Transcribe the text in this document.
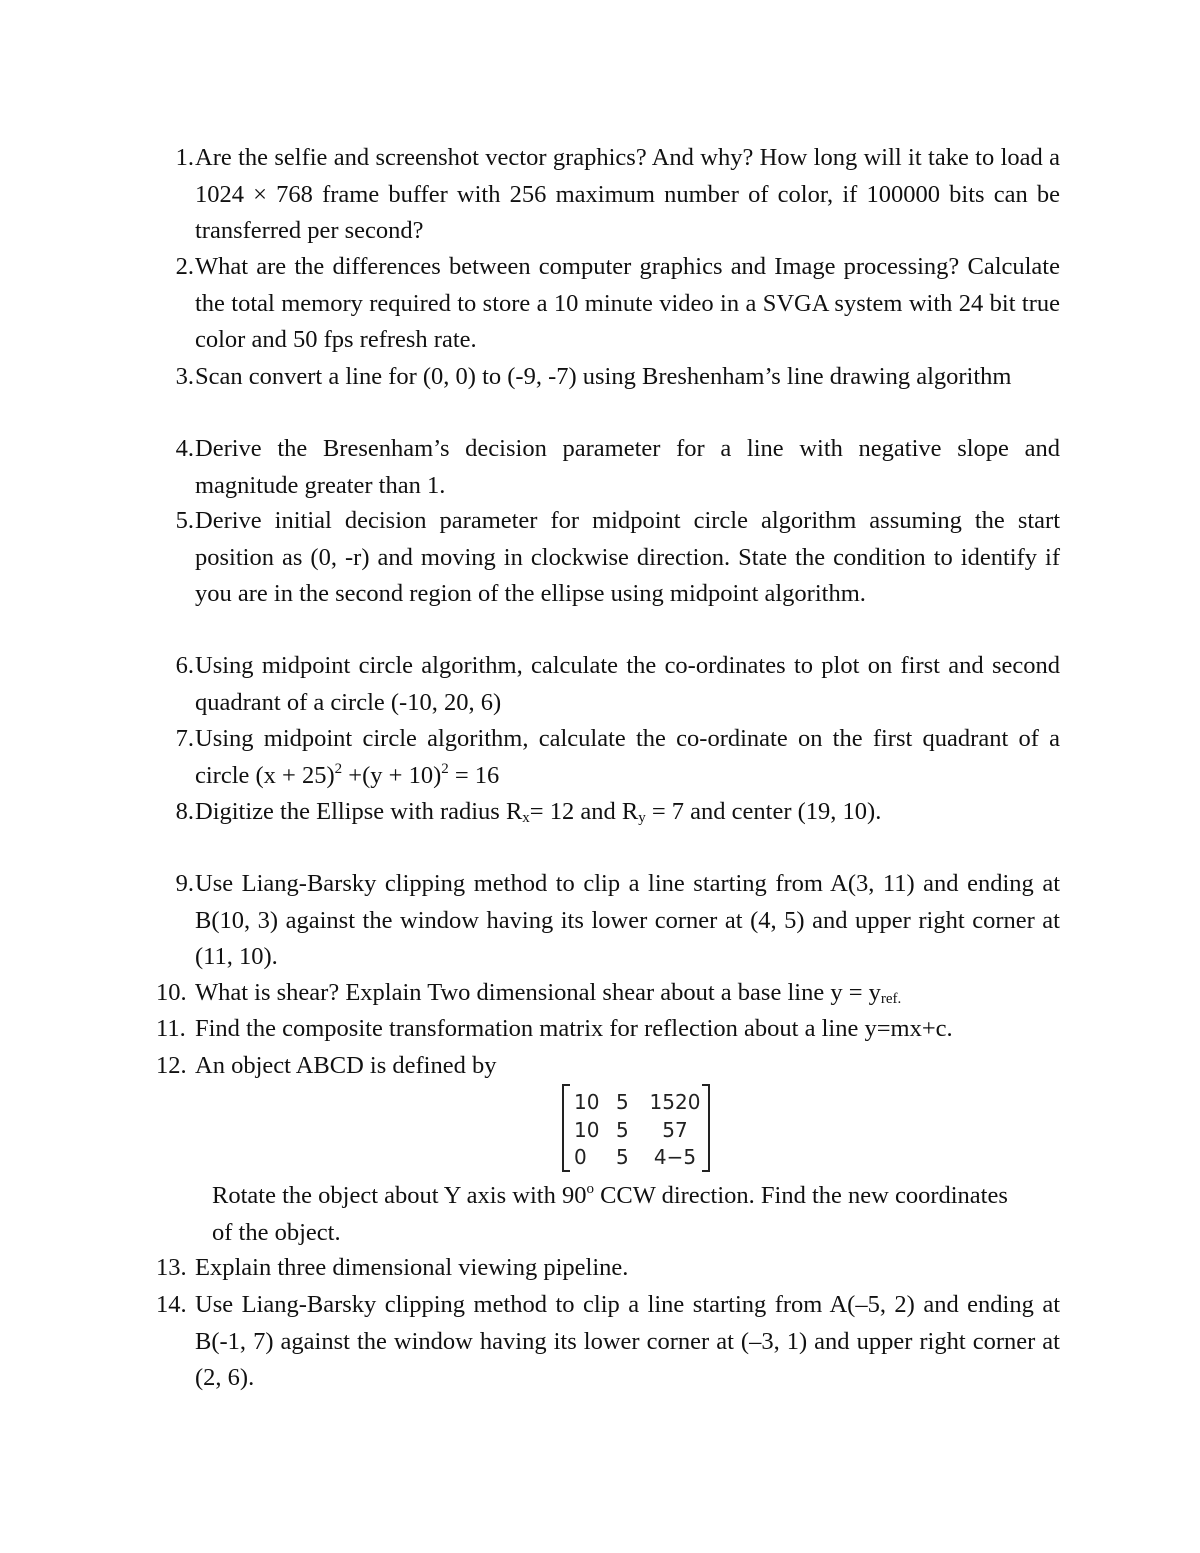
1. Are the selfie and screenshot vector graphics? And why? How long will it take to load a 1024 × 768 frame buffer with 256 maximum number of color, if 100000 bits can be transferred per second?
2. What are the differences between computer graphics and Image processing? Calculate the total memory required to store a 10 minute video in a SVGA system with 24 bit true color and 50 fps refresh rate.
3. Scan convert a line for (0, 0) to (-9, -7) using Breshenham’s line drawing algorithm
4. Derive the Bresenham’s decision parameter for a line with negative slope and magnitude greater than 1.
5. Derive initial decision parameter for midpoint circle algorithm assuming the start position as (0, -r) and moving in clockwise direction. State the condition to identify if you are in the second region of the ellipse using midpoint algorithm.
6. Using midpoint circle algorithm, calculate the co-ordinates to plot on first and second quadrant of a circle (-10, 20, 6)
7. Using midpoint circle algorithm, calculate the co-ordinate on the first quadrant of a circle $(x + 25)^2 +(y + 10)^2 = 16$
8. Digitize the Ellipse with radius $R_x= 12$ and $R_y = 7$ and center (19, 10).
9. Use Liang-Barsky clipping method to clip a line starting from A(3, 11) and ending at B(10, 3) against the window having its lower corner at (4, 5) and upper right corner at (11, 10).
10. What is shear? Explain Two dimensional shear about a base line $y = y_{ref.}$
11. Find the composite transformation matrix for reflection about a line y=mx+c.
12. An object ABCD is defined by
10 5	1520
10 5	57
0	5	4−5
Rotate the object about Y axis with 90$^o$ CCW direction. Find the new coordinates of the object.
13. Explain three dimensional viewing pipeline.
14. Use Liang-Barsky clipping method to clip a line starting from A(–5, 2) and ending at B(-1, 7) against the window having its lower corner at (–3, 1) and upper right corner at (2, 6).
